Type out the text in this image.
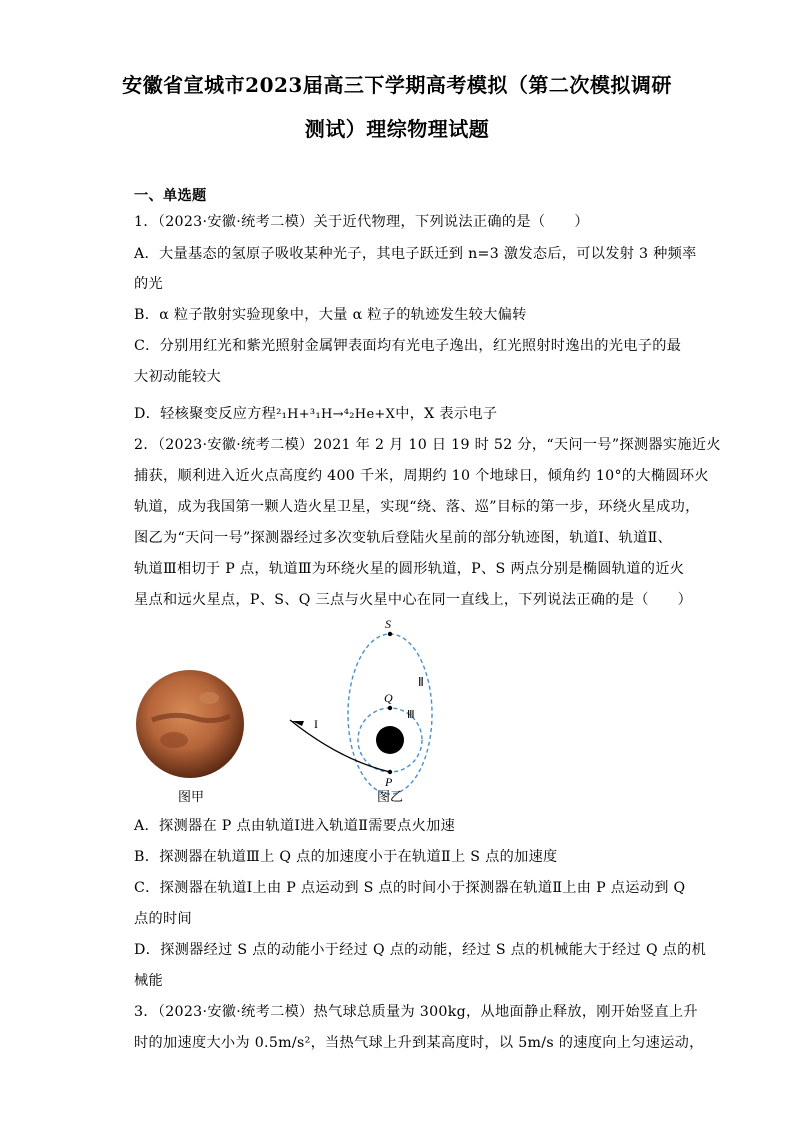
安徽省宣城市2023届高三下学期高考模拟（第二次模拟调研
测试）理综物理试题
一、单选题
1．（2023·安徽·统考二模）关于近代物理，下列说法正确的是（　　）
A．大量基态的氢原子吸收某种光子，其电子跃迁到 n=3 激发态后，可以发射 3 种频率
的光
B．α 粒子散射实验现象中，大量 α 粒子的轨迹发生较大偏转
C．分别用红光和紫光照射金属钾表面均有光电子逸出，红光照射时逸出的光电子的最
大初动能较大
D．轻核聚变反应方程²₁H+³₁H→⁴₂He+X中，X 表示电子
2．（2023·安徽·统考二模）2021 年 2 月 10 日 19 时 52 分，“天问一号”探测器实施近火
捕获，顺利进入近火点高度约 400 千米，周期约 10 个地球日，倾角约 10°的大椭圆环火
轨道，成为我国第一颗人造火星卫星，实现“绕、落、巡”目标的第一步，环绕火星成功，
图乙为“天问一号”探测器经过多次变轨后登陆火星前的部分轨迹图，轨道Ⅰ、轨道Ⅱ、
轨道Ⅲ相切于 P 点，轨道Ⅲ为环绕火星的圆形轨道，P、S 两点分别是椭圆轨道的近火
星点和远火星点，P、S、Q 三点与火星中心在同一直线上，下列说法正确的是（　　）
图甲
S
Q
P
I
Ⅱ
Ⅲ
图乙
A．探测器在 P 点由轨道Ⅰ进入轨道Ⅱ需要点火加速
B．探测器在轨道Ⅲ上 Q 点的加速度小于在轨道Ⅱ上 S 点的加速度
C．探测器在轨道Ⅰ上由 P 点运动到 S 点的时间小于探测器在轨道Ⅱ上由 P 点运动到 Q
点的时间
D．探测器经过 S 点的动能小于经过 Q 点的动能，经过 S 点的机械能大于经过 Q 点的机
械能
3．（2023·安徽·统考二模）热气球总质量为 300kg，从地面静止释放，刚开始竖直上升
时的加速度大小为 0.5m/s²，当热气球上升到某高度时，以 5m/s 的速度向上匀速运动，
